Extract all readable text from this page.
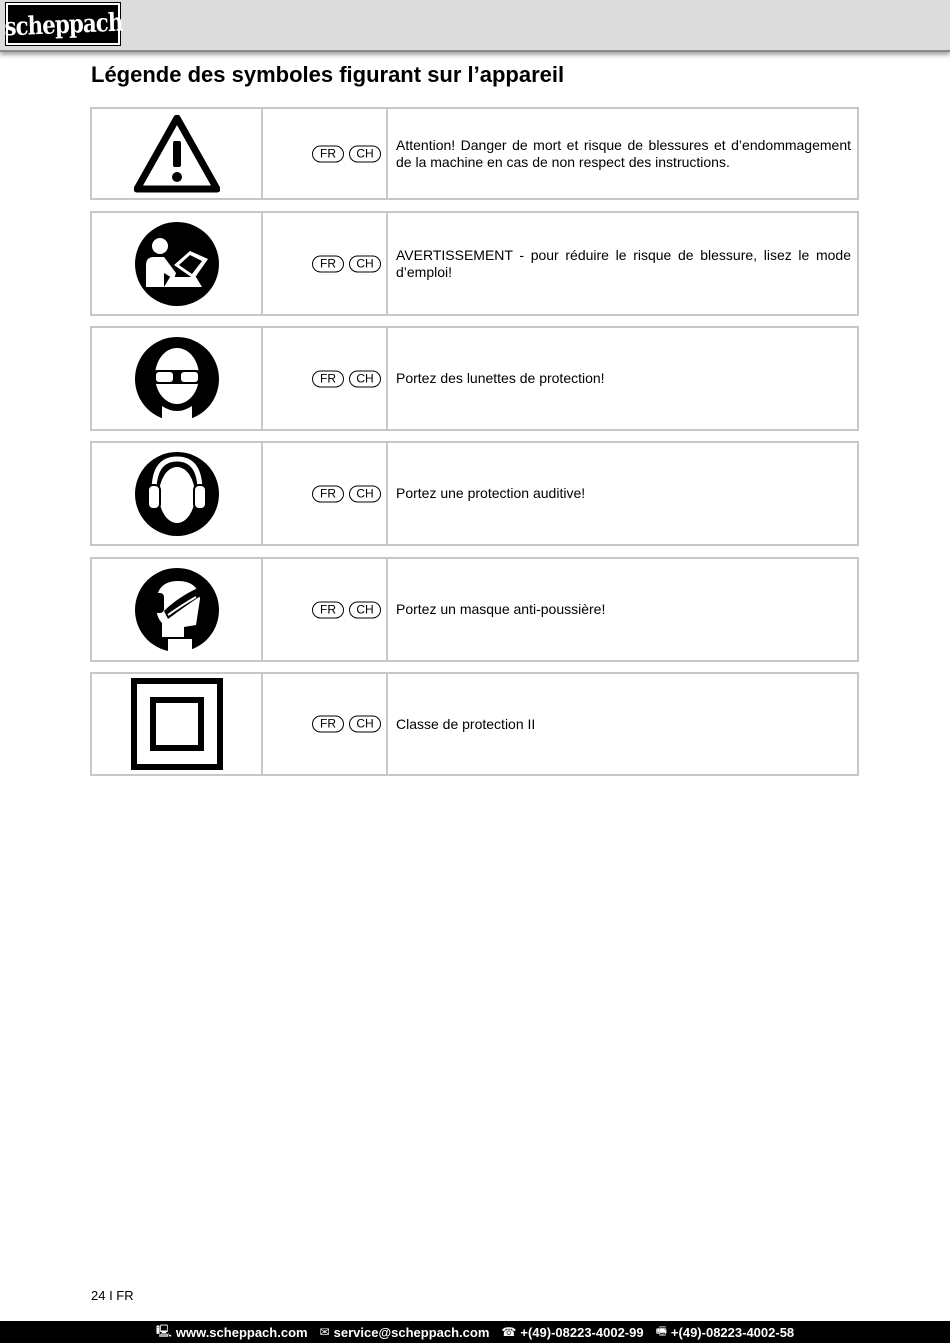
scheppach
Légende des symboles figurant sur l’appareil
FR	CH	Attention! Danger de mort et risque de blessures et d’endommagement de la machine en cas de non respect des instructions.
FR	CH	AVERTISSEMENT - pour réduire le risque de blessure, lisez le mode d’emploi!
FR	CH	Portez des lunettes de protection!
FR	CH	Portez une protection auditive!
FR	CH	Portez un masque anti-poussière!
FR	CH	Classe de protection II
24 I FR
🖳 www.scheppach.com ✉ service@scheppach.com ☎ +(49)-08223-4002-99 🖷 +(49)-08223-4002-58
